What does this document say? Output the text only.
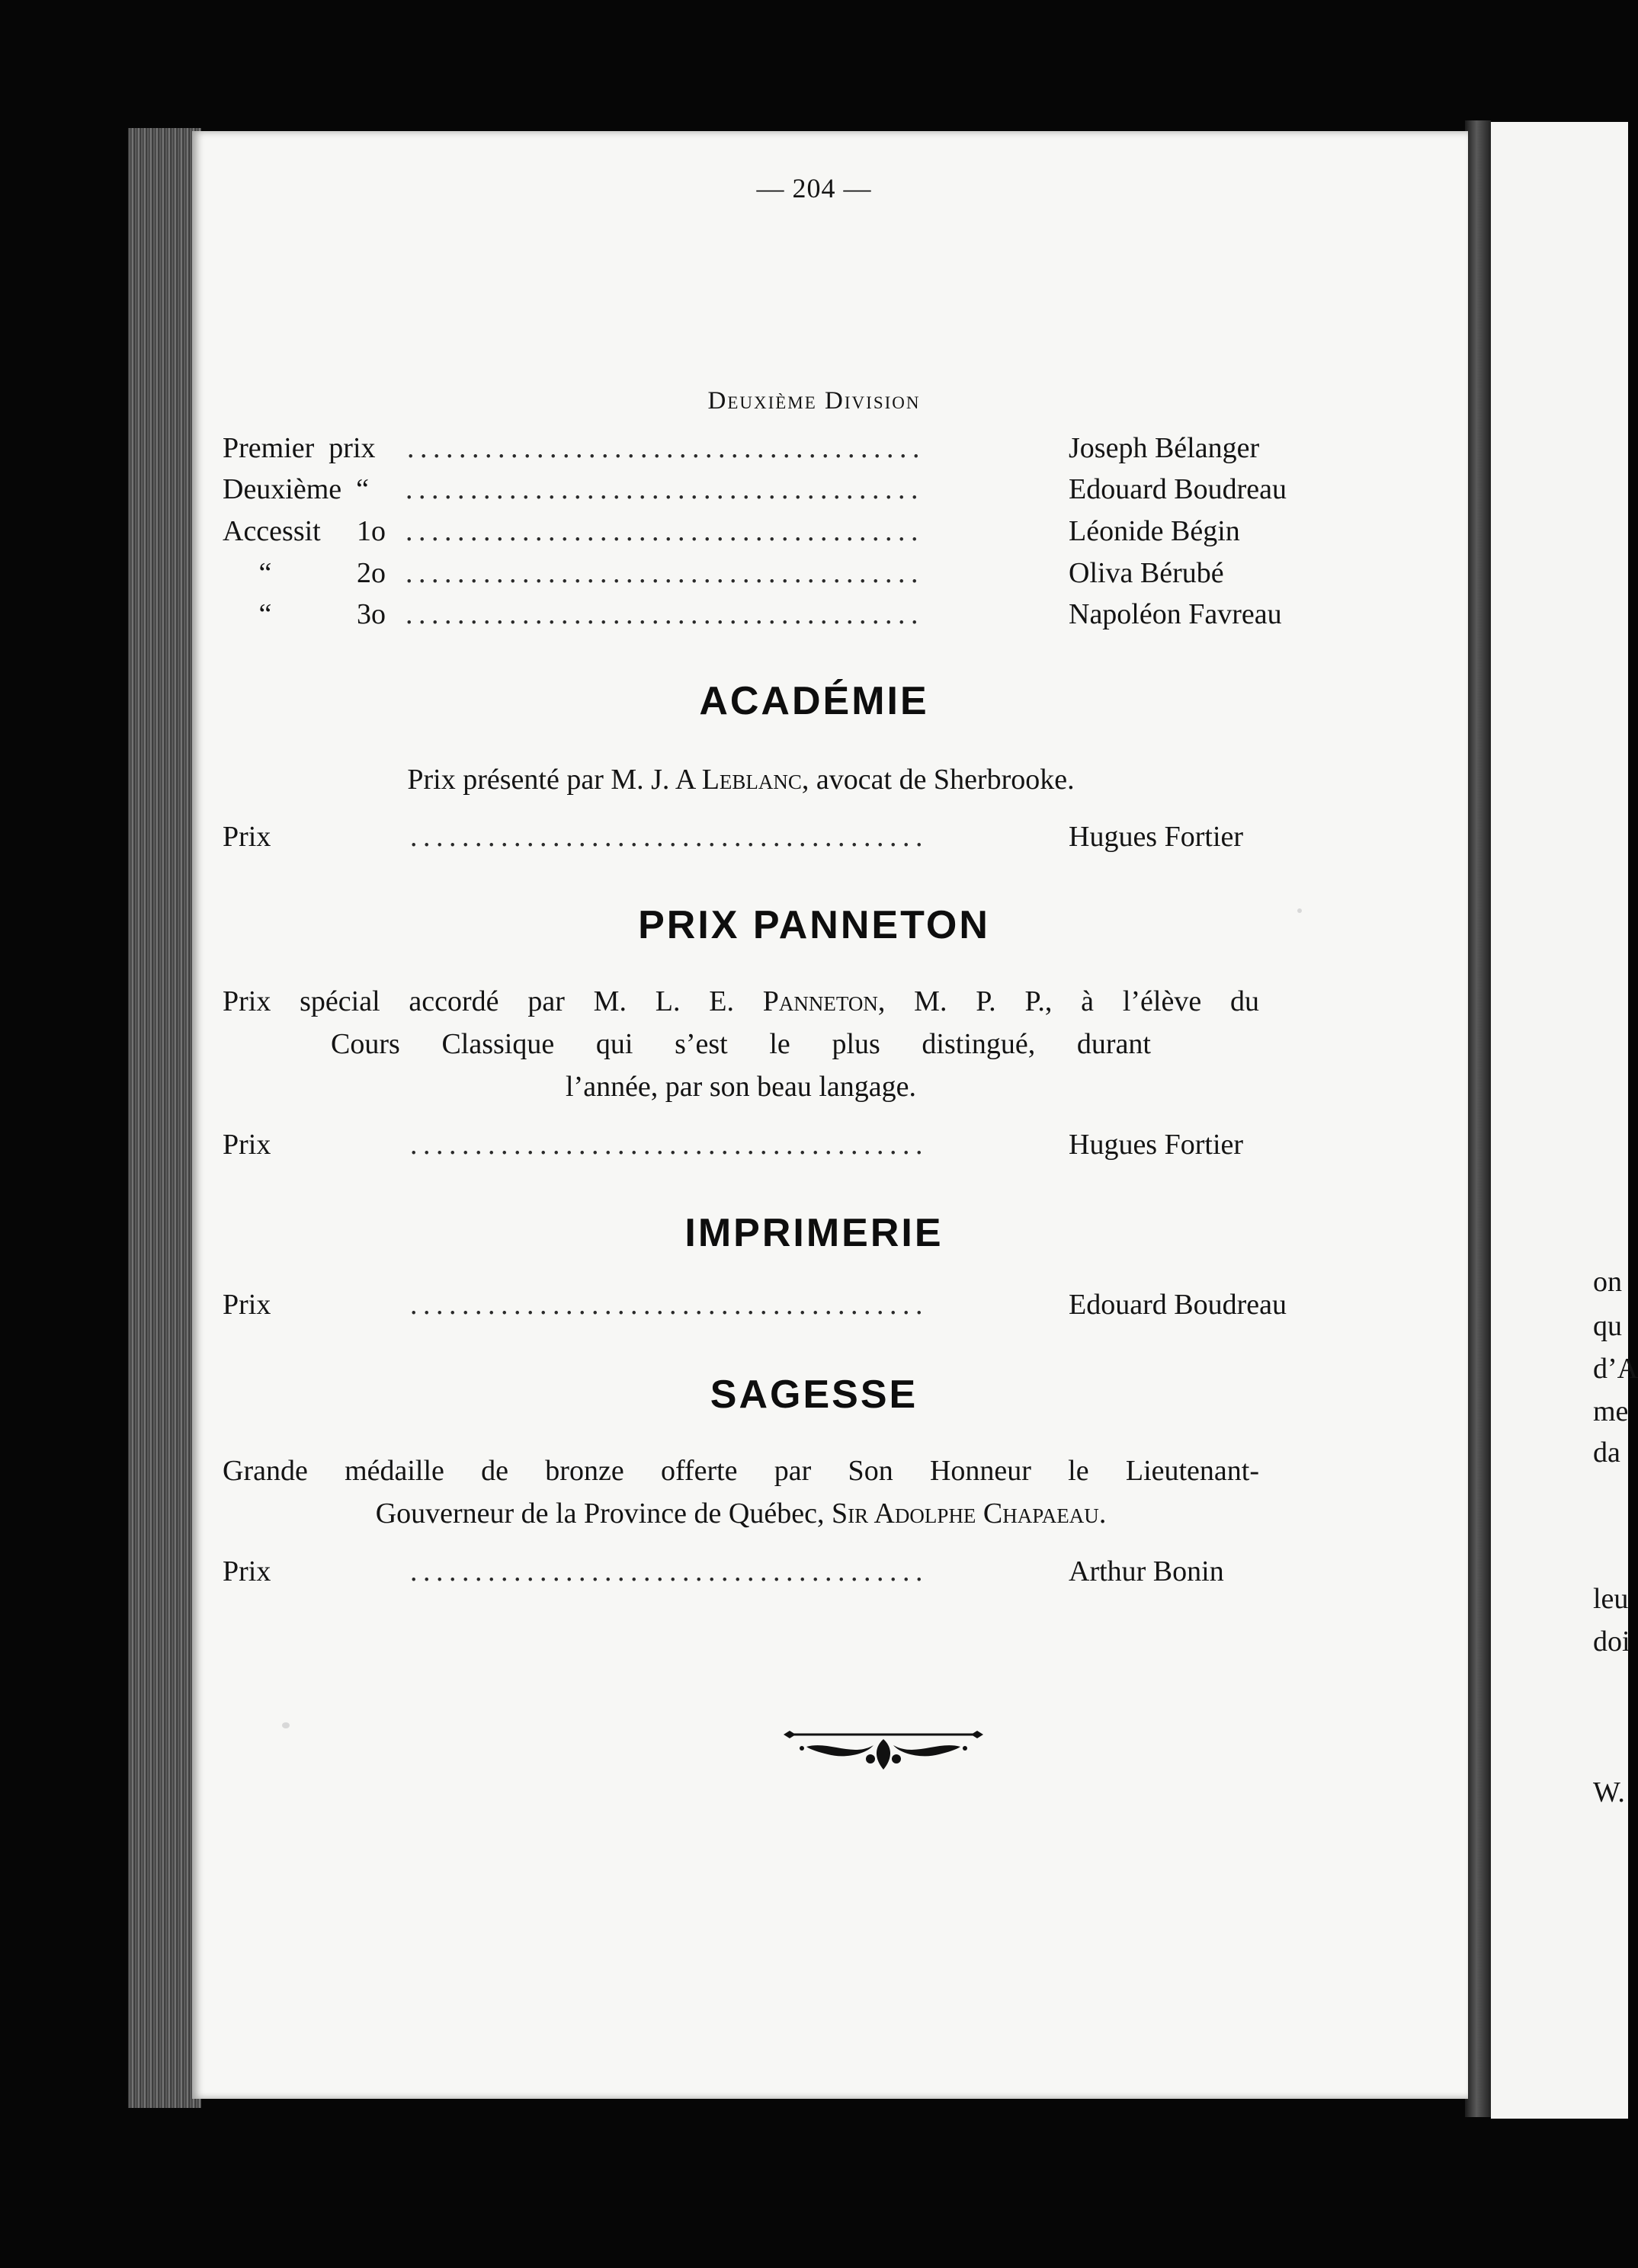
— 204 —
Deuxième Division
Premier  prix ........................................	Joseph Bélanger
Deuxième  “ ........................................	Edouard Boudreau
Accessit 1o ........................................	Léonide Bégin
“	2o ........................................	Oliva Bérubé
“	3o ........................................	Napoléon Favreau
ACADÉMIE
Prix présenté par M. J. A Leblanc, avocat de Sherbrooke.
Prix	........................................	Hugues Fortier
PRIX PANNETON
Prix spécial accordé par M. L. E. Panneton, M. P. P., à l’élève du
Cours Classique qui s’est le plus distingué, durant
l’année, par son beau langage.
Prix	........................................	Hugues Fortier
IMPRIMERIE
Prix	........................................	Edouard Boudreau
SAGESSE
Grande médaille de bronze offerte par Son Honneur le Lieutenant-
Gouverneur de la Province de Québec, Sir Adolphe Chapaeau.
Prix	........................................	Arthur Bonin
on
qu
d’A
me
da
leu
doi
W.
